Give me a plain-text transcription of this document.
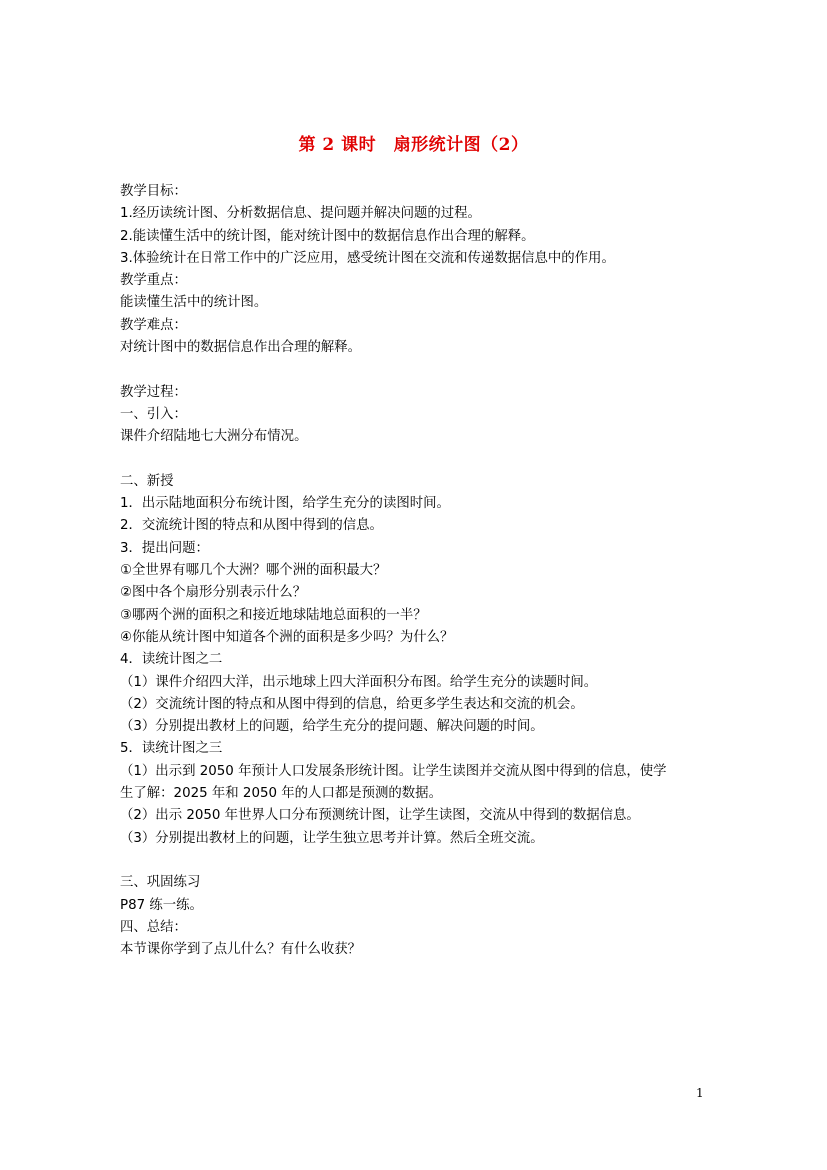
第 2 课时　扇形统计图（2）
教学目标：
1.经历读统计图、分析数据信息、提问题并解决问题的过程。
2.能读懂生活中的统计图，能对统计图中的数据信息作出合理的解释。
3.体验统计在日常工作中的广泛应用，感受统计图在交流和传递数据信息中的作用。
教学重点：
能读懂生活中的统计图。
教学难点：
对统计图中的数据信息作出合理的解释。
教学过程：
一、引入：
课件介绍陆地七大洲分布情况。
二、新授
1．出示陆地面积分布统计图，给学生充分的读图时间。
2．交流统计图的特点和从图中得到的信息。
3．提出问题：
①全世界有哪几个大洲？哪个洲的面积最大？
②图中各个扇形分别表示什么？
③哪两个洲的面积之和接近地球陆地总面积的一半？
④你能从统计图中知道各个洲的面积是多少吗？为什么？
4．读统计图之二
（1）课件介绍四大洋，出示地球上四大洋面积分布图。给学生充分的读题时间。
（2）交流统计图的特点和从图中得到的信息，给更多学生表达和交流的机会。
（3）分别提出教材上的问题，给学生充分的提问题、解决问题的时间。
5．读统计图之三
（1）出示到 2050 年预计人口发展条形统计图。让学生读图并交流从图中得到的信息，使学
生了解：2025 年和 2050 年的人口都是预测的数据。
（2）出示 2050 年世界人口分布预测统计图，让学生读图，交流从中得到的数据信息。
（3）分别提出教材上的问题，让学生独立思考并计算。然后全班交流。
三、巩固练习
P87 练一练。
四、总结：
本节课你学到了点儿什么？有什么收获？
1
